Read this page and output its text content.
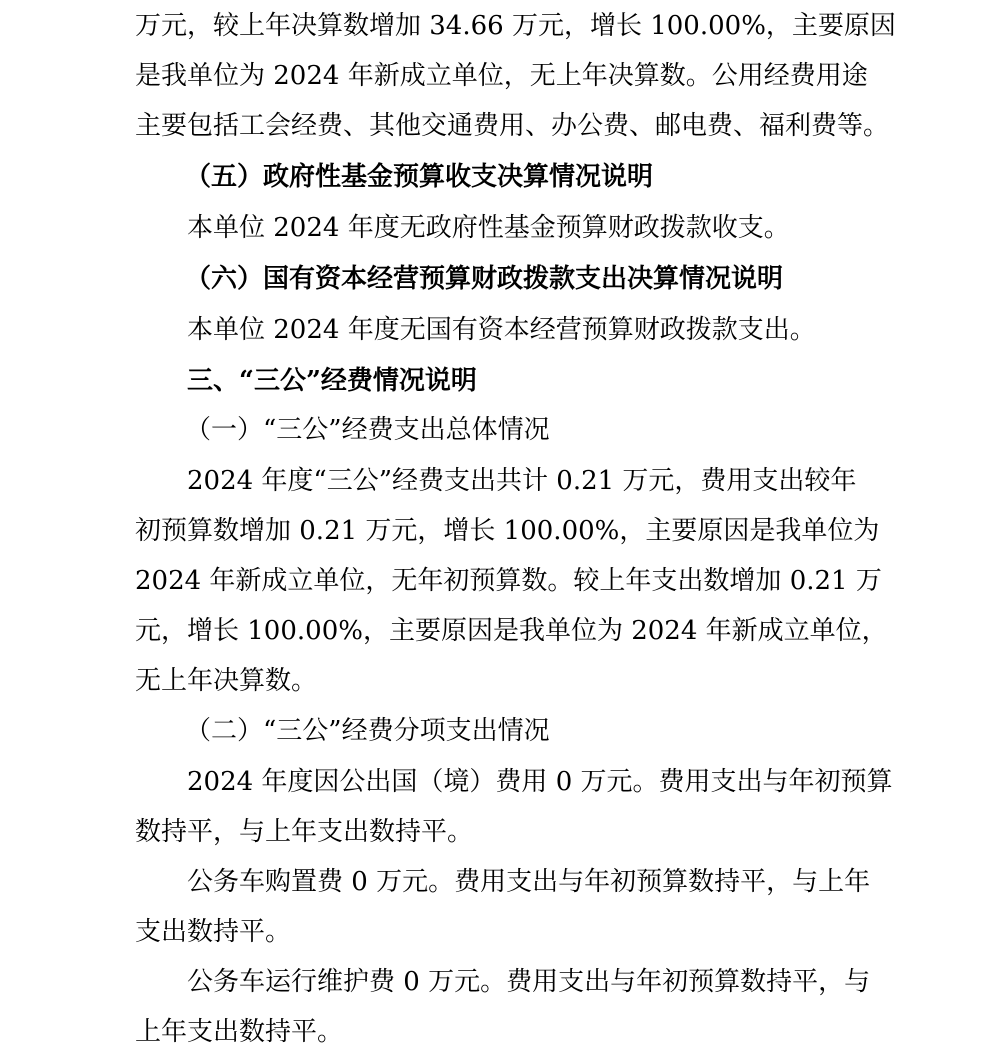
万元，较上年决算数增加 34.66 万元，增长 100.00%，主要原因
是我单位为 2024 年新成立单位，无上年决算数。公用经费用途
主要包括工会经费、其他交通费用、办公费、邮电费、福利费等。
（五）政府性基金预算收支决算情况说明
本单位 2024 年度无政府性基金预算财政拨款收支。
（六）国有资本经营预算财政拨款支出决算情况说明
本单位 2024 年度无国有资本经营预算财政拨款支出。
三、“三公”经费情况说明
（一）“三公”经费支出总体情况
2024 年度“三公”经费支出共计 0.21 万元，费用支出较年
初预算数增加 0.21 万元，增长 100.00%，主要原因是我单位为
2024 年新成立单位，无年初预算数。较上年支出数增加 0.21 万
元，增长 100.00%，主要原因是我单位为 2024 年新成立单位，
无上年决算数。
（二）“三公”经费分项支出情况
2024 年度因公出国（境）费用 0 万元。费用支出与年初预算
数持平，与上年支出数持平。
公务车购置费 0 万元。费用支出与年初预算数持平，与上年
支出数持平。
公务车运行维护费 0 万元。费用支出与年初预算数持平，与
上年支出数持平。
